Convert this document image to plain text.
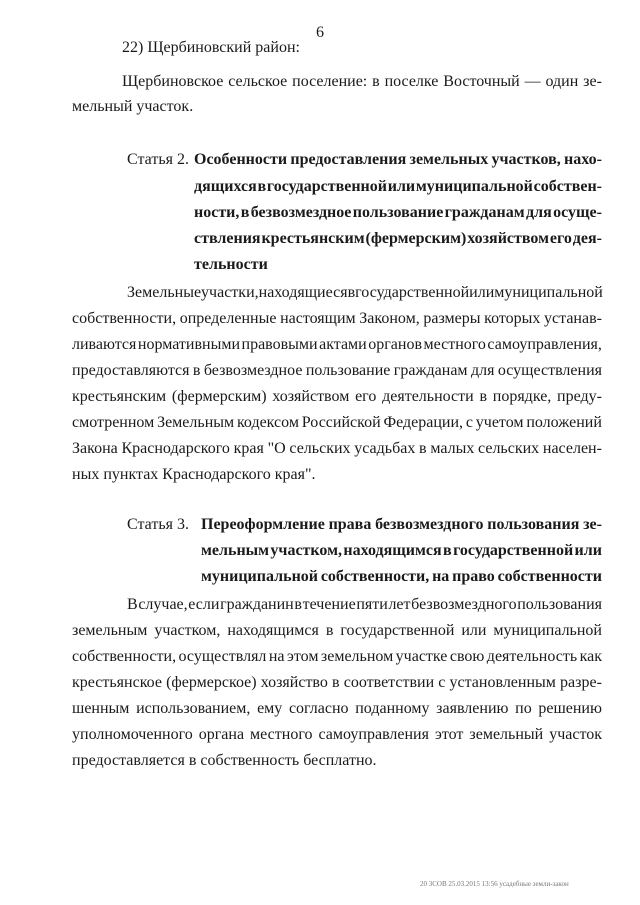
6
22) Щербиновский район:
Щербиновское сельское поселение: в поселке Восточный — один зе-
мельный участок.
Статья 2. Особенности предоставления земельных участков, нахо-
дящихся в государственной или муниципальной собствен-
ности, в безвозмездное пользование гражданам для осуще-
ствления крестьянским (фермерским) хозяйством его дея-
тельности
Земельные участки, находящиеся в государственной или муниципальной
собственности, определенные настоящим Законом, размеры которых устанав-
ливаются нормативными правовыми актами органов местного самоуправления,
предоставляются в безвозмездное пользование гражданам для осуществления
крестьянским (фермерским) хозяйством его деятельности в порядке, преду-
смотренном Земельным кодексом Российской Федерации, с учетом положений
Закона Краснодарского края "О сельских усадьбах в малых сельских населен-
ных пунктах Краснодарского края".
Статья 3. Переоформление права безвозмездного пользования зе-
мельным участком, находящимся в государственной или
муниципальной собственности, на право собственности
В случае, если гражданин в течение пяти лет безвозмездного пользования
земельным участком, находящимся в государственной или муниципальной
собственности, осуществлял на этом земельном участке свою деятельность как
крестьянское (фермерское) хозяйство в соответствии с установленным разре-
шенным использованием, ему согласно поданному заявлению по решению
уполномоченного органа местного самоуправления этот земельный участок
предоставляется в собственность бесплатно.
20 3СОВ 25.03.2015 13:56 усадебные земли-закон
